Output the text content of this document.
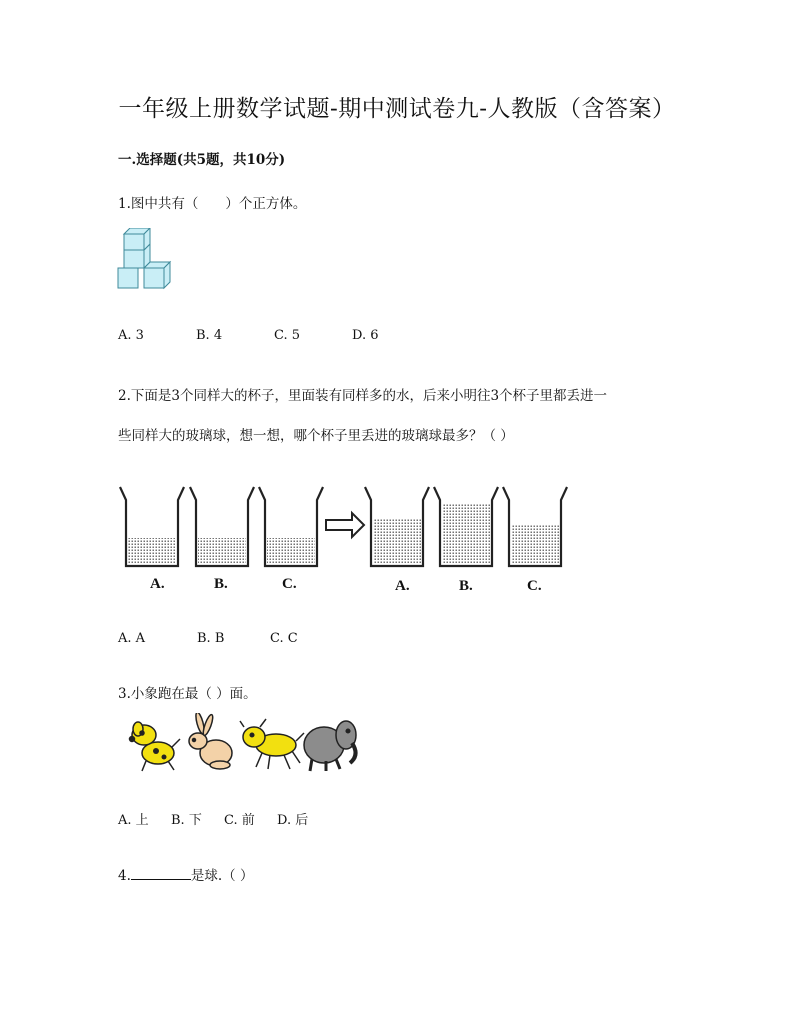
一年级上册数学试题-期中测试卷九-人教版（含答案）
一.选择题(共5题，共10分)
1.图中共有（　　）个正方体。
A. 3	B. 4	C. 5	D. 6
2.下面是3个同样大的杯子，里面装有同样多的水，后来小明往3个杯子里都丢进一
些同样大的玻璃球，想一想，哪个杯子里丢进的玻璃球最多？（ ）
A.	B.	C.	A.	B.	C.
A. A	B. B	C. C
3.小象跑在最（ ）面。
A. 上	B. 下	C. 前	D. 后
4.	是球.（ ）
